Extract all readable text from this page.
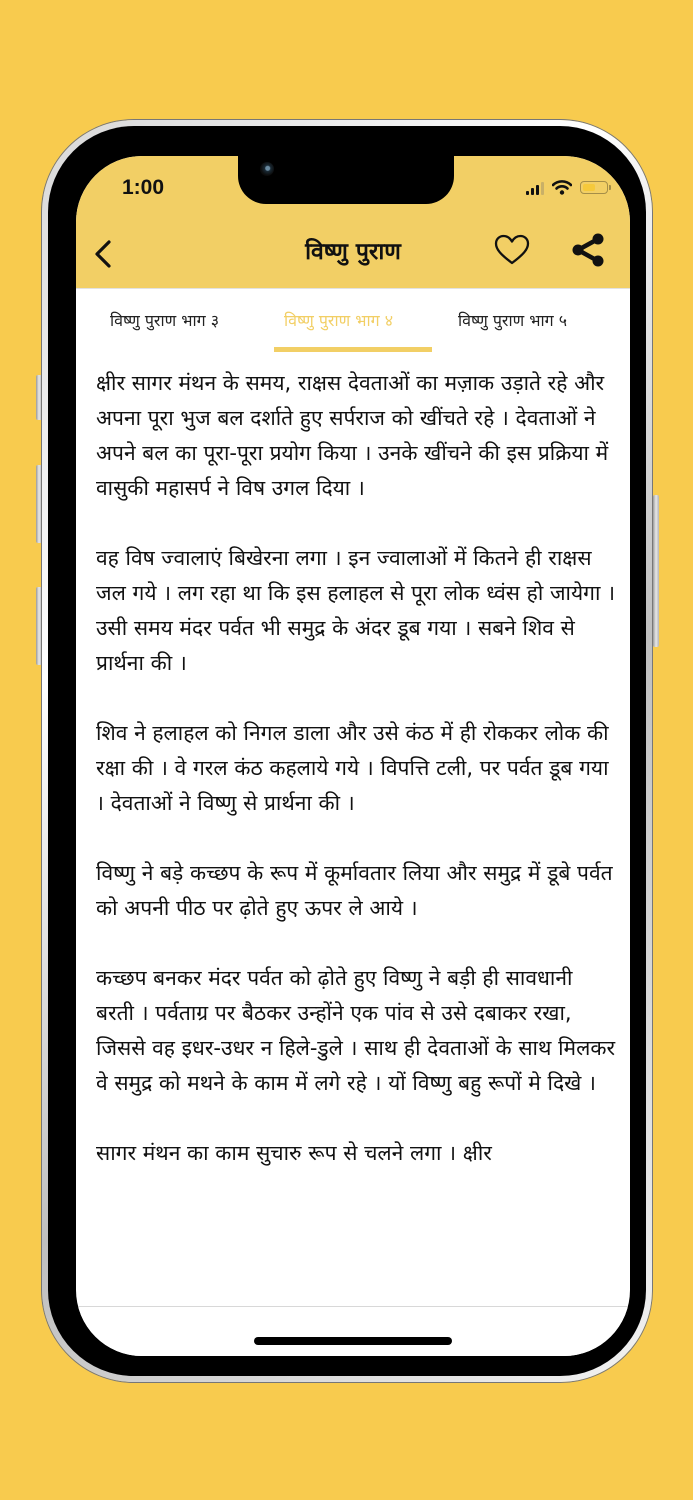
1:00
विष्णु पुराण
विष्णु पुराण भाग ३	विष्णु पुराण भाग ४	विष्णु पुराण भाग ५

क्षीर सागर मंथन के समय, राक्षस देवताओं का मज़ाक उड़ाते रहे और अपना पूरा भुज बल दर्शाते हुए सर्पराज को खींचते रहे । देवताओं ने अपने बल का पूरा-पूरा प्रयोग किया । उनके खींचने की इस प्रक्रिया में वासुकी महासर्प ने विष उगल दिया ।

वह विष ज्वालाएं बिखेरना लगा । इन ज्वालाओं में कितने ही राक्षस जल गये । लग रहा था कि इस हलाहल से पूरा लोक ध्वंस हो जायेगा । उसी समय मंदर पर्वत भी समुद्र के अंदर डूब गया । सबने शिव से प्रार्थना की ।

शिव ने हलाहल को निगल डाला और उसे कंठ में ही रोककर लोक की रक्षा की । वे गरल कंठ कहलाये गये । विपत्ति टली, पर पर्वत डूब गया । देवताओं ने विष्णु से प्रार्थना की ।

विष्णु ने बड़े कच्छप के रूप में कूर्मावतार लिया और समुद्र में डूबे पर्वत को अपनी पीठ पर ढ़ोते हुए ऊपर ले आये ।

कच्छप बनकर मंदर पर्वत को ढ़ोते हुए विष्णु ने बड़ी ही सावधानी बरती । पर्वताग्र पर बैठकर उन्होंने एक पांव से उसे दबाकर रखा, जिससे वह इधर-उधर न हिले-डुले । साथ ही देवताओं के साथ मिलकर वे समुद्र को मथने के काम में लगे रहे । यों विष्णु बहु रूपों मे दिखे ।

सागर मंथन का काम सुचारु रूप से चलने लगा । क्षीर
